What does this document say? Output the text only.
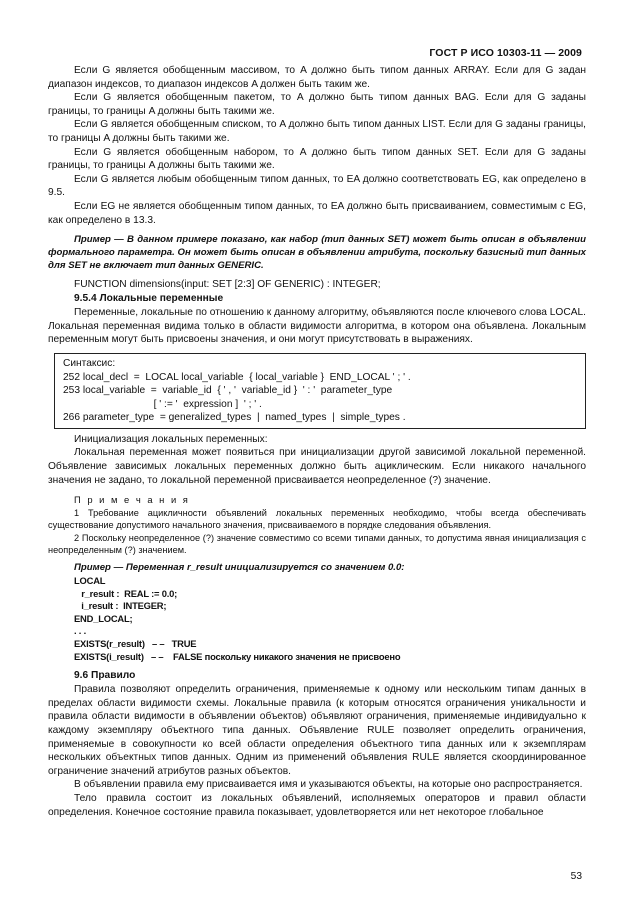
ГОСТ Р ИСО 10303-11 — 2009

Если G является обобщенным массивом, то A должно быть типом данных ARRAY. Если для G задан диапазон индексов, то диапазон индексов A должен быть таким же.

Если G является обобщенным пакетом, то A должно быть типом данных BAG. Если для G заданы границы, то границы A должны быть такими же.

Если G является обобщенным списком, то A должно быть типом данных LIST. Если для G заданы границы, то границы A должны быть такими же.

Если G является обобщенным набором, то A должно быть типом данных SET. Если для G заданы границы, то границы A должны быть такими же.

Если G является любым обобщенным типом данных, то EA должно соответствовать EG, как определено в 9.5.

Если EG не является обобщенным типом данных, то EA должно быть присваиванием, совместимым с EG, как определено в 13.3.

Пример — В данном примере показано, как набор (тип данных SET) может быть описан в объявлении формального параметра. Он может быть описан в объявлении атрибута, поскольку базисный тип данных для SET не включает тип данных GENERIC.

FUNCTION dimensions(input: SET [2:3] OF GENERIC) : INTEGER;
9.5.4 Локальные переменные

Переменные, локальные по отношению к данному алгоритму, объявляются после ключевого слова LOCAL. Локальная переменная видима только в области видимости алгоритма, в котором она объявлена. Локальным переменным могут быть присвоены значения, и они могут присутствовать в выражениях.

Синтаксис:
252 local_decl  =  LOCAL local_variable  { local_variable }  END_LOCAL ' ; ' .
253 local_variable  =  variable_id  { ' , '  variable_id }  ' : '  parameter_type
[ ' := '  expression ]  ' ; ' .
266 parameter_type  = generalized_types  |  named_types  |  simple_types .

Инициализация локальных переменных:

Локальная переменная может появиться при инициализации другой зависимой локальной переменной. Объявление зависимых локальных переменных должно быть ациклическим. Если никакого начального значения не задано, то локальной переменной присваивается неопределенное (?) значение.

П р и м е ч а н и я

1 Требование ацикличности объявлений локальных переменных необходимо, чтобы всегда обеспечивать существование допустимого начального значения, присваиваемого в порядке следования объявления.

2 Поскольку неопределенное (?) значение совместимо со всеми типами данных, то допустима явная инициализация с неопределенным (?) значением.

Пример — Переменная r_result инициализируется со значением 0.0:
LOCAL
r_result :  REAL := 0.0;
i_result :  INTEGER;
END_LOCAL;
. . .
EXISTS(r_result)   – –   TRUE
EXISTS(i_result)   – –    FALSE поскольку никакого значения не присвоено
9.6 Правило

Правила позволяют определить ограничения, применяемые к одному или нескольким типам данных в пределах области видимости схемы. Локальные правила (к которым относятся ограничения уникальности и правила области видимости в объявлении объектов) объявляют ограничения, применяемые индивидуально к каждому экземпляру объектного типа данных. Объявление RULE позволяет определить ограничения, применяемые в совокупности ко всей области определения объектного типа данных или к экземплярам нескольких объектных типов данных. Одним из применений объявления RULE является скоординированное ограничение значений атрибутов разных объектов.

В объявлении правила ему присваивается имя и указываются объекты, на которые оно распространяется.

Тело правила состоит из локальных объявлений, исполняемых операторов и правил области определения. Конечное состояние правила показывает, удовлетворяется или нет некоторое глобальное

53
